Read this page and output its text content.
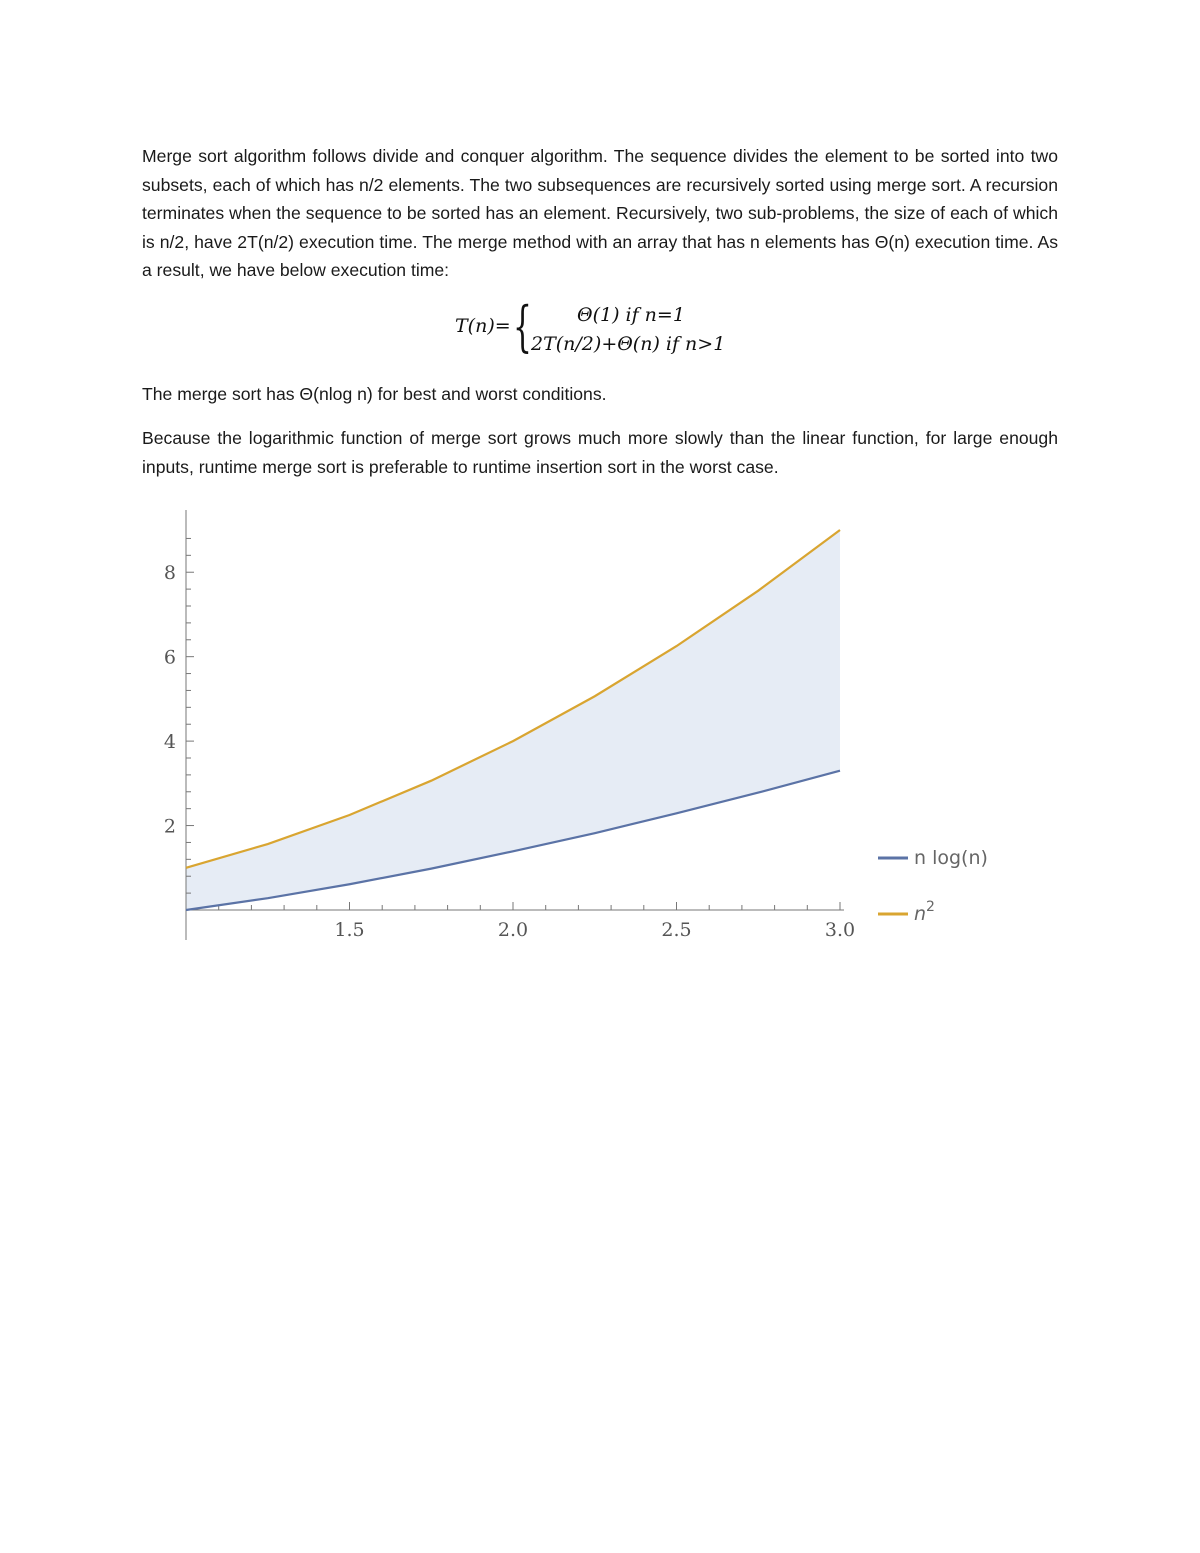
Merge sort algorithm follows divide and conquer algorithm. The sequence divides the element to be sorted into two subsets, each of which has n/2 elements. The two subsequences are recursively sorted using merge sort. A recursion terminates when the sequence to be sorted has an element. Recursively, two sub-problems, the size of each of which is n/2, have 2T(n/2) execution time. The merge method with an array that has n elements has Θ(n) execution time. As a result, we have below execution time:

T(n)= { Θ(1) if n=1
2T(n/2)+Θ(n) if n>1

The merge sort has Θ(nlog n) for best and worst conditions.

Because the logarithmic function of merge sort grows much more slowly than the linear function, for large enough inputs, runtime merge sort is preferable to runtime insertion sort in the worst case.

1.5	2.0	2.5	3.0
2
4
6
8
n log(n)
$n^2$
